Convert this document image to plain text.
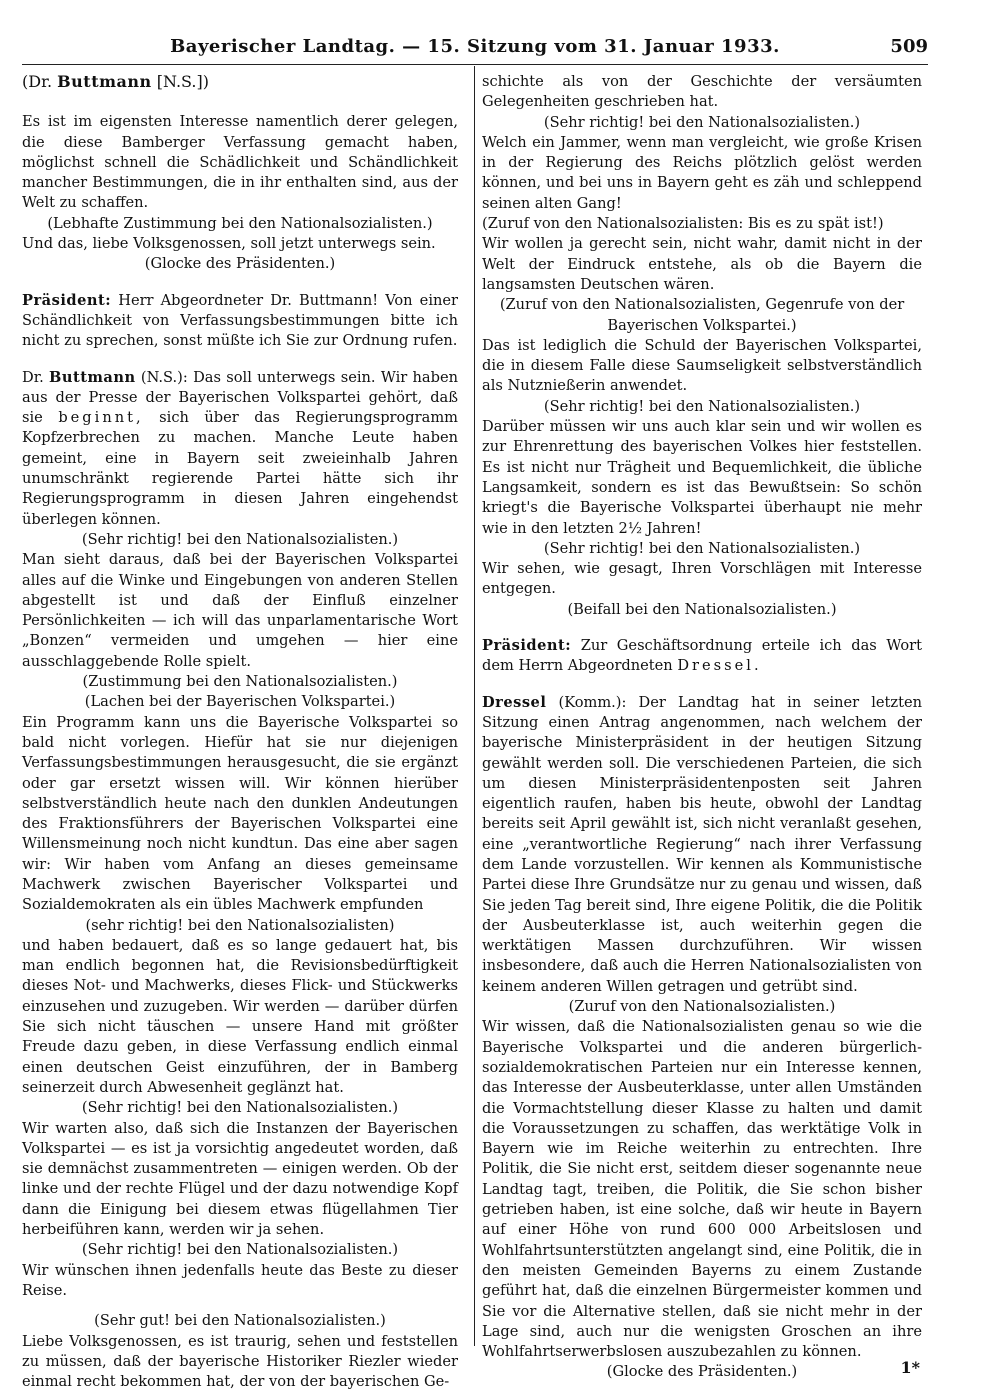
Bayerischer Landtag. — 15. Sitzung vom 31. Januar 1933.	509

(Dr. Buttmann [N.S.])

Es ist im eigensten Interesse namentlich derer gelegen, die diese Bamberger Verfassung gemacht haben, möglichst schnell die Schädlichkeit und Schändlichkeit mancher Bestimmungen, die in ihr enthalten sind, aus der Welt zu schaffen.

(Lebhafte Zustimmung bei den Nationalsozialisten.)

Und das, liebe Volksgenossen, soll jetzt unterwegs sein.

(Glocke des Präsidenten.)

Präsident: Herr Abgeordneter Dr. Buttmann! Von einer Schändlichkeit von Verfassungsbestimmungen bitte ich nicht zu sprechen, sonst müßte ich Sie zur Ordnung rufen.

Dr. Buttmann (N.S.): Das soll unterwegs sein. Wir haben aus der Presse der Bayerischen Volkspartei gehört, daß sie beginnt, sich über das Regierungsprogramm Kopfzerbrechen zu machen. Manche Leute haben gemeint, eine in Bayern seit zweieinhalb Jahren unumschränkt regierende Partei hätte sich ihr Regierungsprogramm in diesen Jahren eingehendst überlegen können.

(Sehr richtig! bei den Nationalsozialisten.)

Man sieht daraus, daß bei der Bayerischen Volkspartei alles auf die Winke und Eingebungen von anderen Stellen abgestellt ist und daß der Einfluß einzelner Persönlichkeiten — ich will das unparlamentarische Wort „Bonzen“ vermeiden und umgehen — hier eine ausschlaggebende Rolle spielt.

(Zustimmung bei den Nationalsozialisten.)

(Lachen bei der Bayerischen Volkspartei.)

Ein Programm kann uns die Bayerische Volkspartei so bald nicht vorlegen. Hiefür hat sie nur diejenigen Verfassungsbestimmungen herausgesucht, die sie ergänzt oder gar ersetzt wissen will. Wir können hierüber selbstverständlich heute nach den dunklen Andeutungen des Fraktionsführers der Bayerischen Volkspartei eine Willensmeinung noch nicht kundtun. Das eine aber sagen wir: Wir haben vom Anfang an dieses gemeinsame Machwerk zwischen Bayerischer Volkspartei und Sozialdemokraten als ein übles Machwerk empfunden

(sehr richtig! bei den Nationalsozialisten)

und haben bedauert, daß es so lange gedauert hat, bis man endlich begonnen hat, die Revisionsbedürftigkeit dieses Not- und Machwerks, dieses Flick- und Stückwerks einzusehen und zuzugeben. Wir werden — darüber dürfen Sie sich nicht täuschen — unsere Hand mit größter Freude dazu geben, in diese Verfassung endlich einmal einen deutschen Geist einzuführen, der in Bamberg seinerzeit durch Abwesenheit geglänzt hat.

(Sehr richtig! bei den Nationalsozialisten.)

Wir warten also, daß sich die Instanzen der Bayerischen Volkspartei — es ist ja vorsichtig angedeutet worden, daß sie demnächst zusammentreten — einigen werden. Ob der linke und der rechte Flügel und der dazu notwendige Kopf dann die Einigung bei diesem etwas flügellahmen Tier herbeiführen kann, werden wir ja sehen.

(Sehr richtig! bei den Nationalsozialisten.)

Wir wünschen ihnen jedenfalls heute das Beste zu dieser Reise.

(Sehr gut! bei den Nationalsozialisten.)

Liebe Volksgenossen, es ist traurig, sehen und feststellen zu müssen, daß der bayerische Historiker Riezler wieder einmal recht bekommen hat, der von der bayerischen Ge-

schichte als von der Geschichte der versäumten Gelegenheiten geschrieben hat.

(Sehr richtig! bei den Nationalsozialisten.)

Welch ein Jammer, wenn man vergleicht, wie große Krisen in der Regierung des Reichs plötzlich gelöst werden können, und bei uns in Bayern geht es zäh und schleppend seinen alten Gang!

(Zuruf von den Nationalsozialisten: Bis es zu spät ist!)

Wir wollen ja gerecht sein, nicht wahr, damit nicht in der Welt der Eindruck entstehe, als ob die Bayern die langsamsten Deutschen wären.

(Zuruf von den Nationalsozialisten, Gegenrufe von der Bayerischen Volkspartei.)

Das ist lediglich die Schuld der Bayerischen Volkspartei, die in diesem Falle diese Saumseligkeit selbstverständlich als Nutznießerin anwendet.

(Sehr richtig! bei den Nationalsozialisten.)

Darüber müssen wir uns auch klar sein und wir wollen es zur Ehrenrettung des bayerischen Volkes hier feststellen. Es ist nicht nur Trägheit und Bequemlichkeit, die übliche Langsamkeit, sondern es ist das Bewußtsein: So schön kriegt's die Bayerische Volkspartei überhaupt nie mehr wie in den letzten 2½ Jahren!

(Sehr richtig! bei den Nationalsozialisten.)

Wir sehen, wie gesagt, Ihren Vorschlägen mit Interesse entgegen.

(Beifall bei den Nationalsozialisten.)

Präsident: Zur Geschäftsordnung erteile ich das Wort dem Herrn Abgeordneten Dressel.

Dressel (Komm.): Der Landtag hat in seiner letzten Sitzung einen Antrag angenommen, nach welchem der bayerische Ministerpräsident in der heutigen Sitzung gewählt werden soll. Die verschiedenen Parteien, die sich um diesen Ministerpräsidentenposten seit Jahren eigentlich raufen, haben bis heute, obwohl der Landtag bereits seit April gewählt ist, sich nicht veranlaßt gesehen, eine „verantwortliche Regierung“ nach ihrer Verfassung dem Lande vorzustellen. Wir kennen als Kommunistische Partei diese Ihre Grundsätze nur zu genau und wissen, daß Sie jeden Tag bereit sind, Ihre eigene Politik, die die Politik der Ausbeuterklasse ist, auch weiterhin gegen die werktätigen Massen durchzuführen. Wir wissen insbesondere, daß auch die Herren Nationalsozialisten von keinem anderen Willen getragen und getrübt sind.

(Zuruf von den Nationalsozialisten.)

Wir wissen, daß die Nationalsozialisten genau so wie die Bayerische Volkspartei und die anderen bürgerlich-sozialdemokratischen Parteien nur ein Interesse kennen, das Interesse der Ausbeuterklasse, unter allen Umständen die Vormachtstellung dieser Klasse zu halten und damit die Voraussetzungen zu schaffen, das werktätige Volk in Bayern wie im Reiche weiterhin zu entrechten. Ihre Politik, die Sie nicht erst, seitdem dieser sogenannte neue Landtag tagt, treiben, die Politik, die Sie schon bisher getrieben haben, ist eine solche, daß wir heute in Bayern auf einer Höhe von rund 600 000 Arbeitslosen und Wohlfahrtsunterstützten angelangt sind, eine Politik, die in den meisten Gemeinden Bayerns zu einem Zustande geführt hat, daß die einzelnen Bürgermeister kommen und Sie vor die Alternative stellen, daß sie nicht mehr in der Lage sind, auch nur die wenigsten Groschen an ihre Wohlfahrtserwerbslosen auszubezahlen zu können.

(Glocke des Präsidenten.)	1*
